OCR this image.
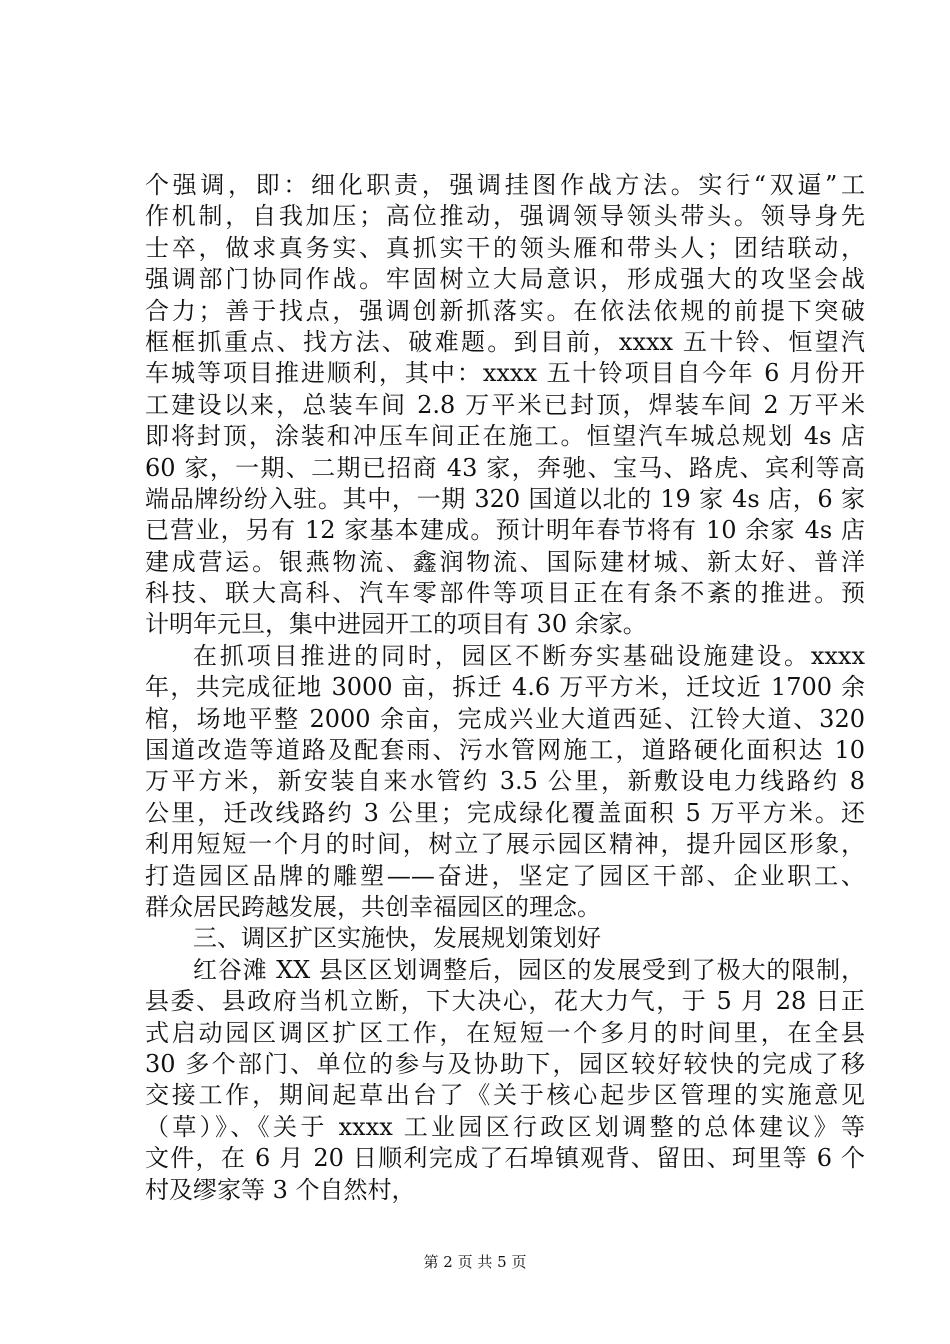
个强调，即：细化职责，强调挂图作战方法。实行“双逼”工
作机制，自我加压；高位推动，强调领导领头带头。领导身先
士卒，做求真务实、真抓实干的领头雁和带头人；团结联动，
强调部门协同作战。牢固树立大局意识，形成强大的攻坚会战
合力；善于找点，强调创新抓落实。在依法依规的前提下突破
框框抓重点、找方法、破难题。到目前，xxxx 五十铃、恒望汽
车城等项目推进顺利，其中：xxxx 五十铃项目自今年 6 月份开
工建设以来，总装车间 2.8 万平米已封顶，焊装车间 2 万平米
即将封顶，涂装和冲压车间正在施工。恒望汽车城总规划 4s 店
60 家，一期、二期已招商 43 家，奔驰、宝马、路虎、宾利等高
端品牌纷纷入驻。其中，一期 320 国道以北的 19 家 4s 店，6 家
已营业，另有 12 家基本建成。预计明年春节将有 10 余家 4s 店
建成营运。银燕物流、鑫润物流、国际建材城、新太好、普洋
科技、联大高科、汽车零部件等项目正在有条不紊的推进。预
计明年元旦，集中进园开工的项目有 30 余家。
在抓项目推进的同时，园区不断夯实基础设施建设。xxxx
年，共完成征地 3000 亩，拆迁 4.6 万平方米，迁坟近 1700 余
棺，场地平整 2000 余亩，完成兴业大道西延、江铃大道、320
国道改造等道路及配套雨、污水管网施工，道路硬化面积达 10
万平方米，新安装自来水管约 3.5 公里，新敷设电力线路约 8
公里，迁改线路约 3 公里；完成绿化覆盖面积 5 万平方米。还
利用短短一个月的时间，树立了展示园区精神，提升园区形象，
打造园区品牌的雕塑——奋进，坚定了园区干部、企业职工、
群众居民跨越发展，共创幸福园区的理念。
三、调区扩区实施快，发展规划策划好
红谷滩 XX 县区区划调整后，园区的发展受到了极大的限制，
县委、县政府当机立断，下大决心，花大力气，于 5 月 28 日正
式启动园区调区扩区工作，在短短一个多月的时间里，在全县
30 多个部门、单位的参与及协助下，园区较好较快的完成了移
交接工作，期间起草出台了《关于核心起步区管理的实施意见
（草）》、《关于 xxxx 工业园区行政区划调整的总体建议》等
文件，在 6 月 20 日顺利完成了石埠镇观背、留田、珂里等 6 个
村及缪家等 3 个自然村，
第 2 页 共 5 页
